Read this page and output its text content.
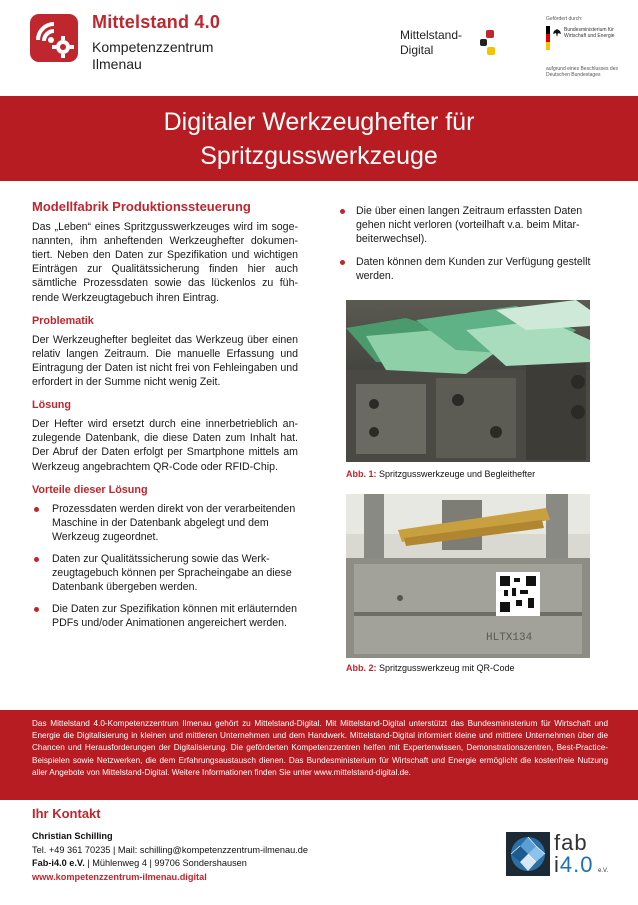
Mittelstand 4.0
Kompetenzzentrum
Ilmenau
Mittelstand-
Digital
Gefördert durch:
Bundesministerium für Wirtschaft und Energie
aufgrund eines Beschlusses des Deutschen Bundestages
Digitaler Werkzeughefter für
Spritzgusswerkzeuge
Modellfabrik Produktionssteuerung

Das „Leben“ eines Spritzgusswerkzeuges wird im sogenannten, ihm anheftenden Werkzeughefter dokumentiert. Neben den Daten zur Spezifikation und wichtigen Einträgen zur Qualitätssicherung finden hier auch sämtliche Prozessdaten sowie das lückenlos zu führende Werkzeugtagebuch ihren Eintrag.

Problematik

Der Werkzeughefter begleitet das Werkzeug über einen relativ langen Zeitraum. Die manuelle Erfassung und Eintragung der Daten ist nicht frei von Fehleingaben und erfordert in der Summe nicht wenig Zeit.

Lösung

Der Hefter wird ersetzt durch eine innerbetrieblich anzulegende Datenbank, die diese Daten zum Inhalt hat. Der Abruf der Daten erfolgt per Smartphone mittels am Werkzeug angebrachtem QR-Code oder RFID-Chip.

Vorteile dieser Lösung
Prozessdaten werden direkt von der verarbeitenden Maschine in der Datenbank abgelegt und dem Werkzeug zugeordnet.
Daten zur Qualitätssicherung sowie das Werkzeugtagebuch können per Spracheingabe an diese Datenbank übergeben werden.
Die Daten zur Spezifikation können mit erläuternden PDFs und/oder Animationen angereichert werden.
Die über einen langen Zeitraum erfassten Daten gehen nicht verloren (vorteilhaft v.a. beim Mitarbeiterwechsel).
Daten können dem Kunden zur Verfügung gestellt werden.
Abb. 1: Spritzgusswerkzeuge und Begleithefter
HLTX134
Abb. 2: Spritzgusswerkzeug mit QR-Code

Das Mittelstand 4.0-Kompetenzzentrum Ilmenau gehört zu Mittelstand-Digital. Mit Mittelstand-Digital unterstützt das Bundesministerium für Wirtschaft und Energie die Digitalisierung in kleinen und mittleren Unternehmen und dem Handwerk. Mittelstand-Digital informiert kleine und mittlere Unternehmen über die Chancen und Herausforderungen der Digitalisierung. Die geförderten Kompetenzzentren helfen mit Expertenwissen, Demonstrationszentren, Best-Practice-Beispielen sowie Netzwerken, die dem Erfahrungsaustausch dienen. Das Bundesministerium für Wirtschaft und Energie ermöglicht die kostenfreie Nutzung aller Angebote von Mittelstand-Digital. Weitere Informationen finden Sie unter www.mittelstand-digital.de.

Ihr Kontakt
Christian Schilling
Tel. +49 361 70235 | Mail: schilling@kompetenzzentrum-ilmenau.de
Fab-i4.0 e.V. | Mühlenweg 4 | 99706 Sondershausen
www.kompetenzzentrum-ilmenau.digital
fab
i4.0 e.V.
